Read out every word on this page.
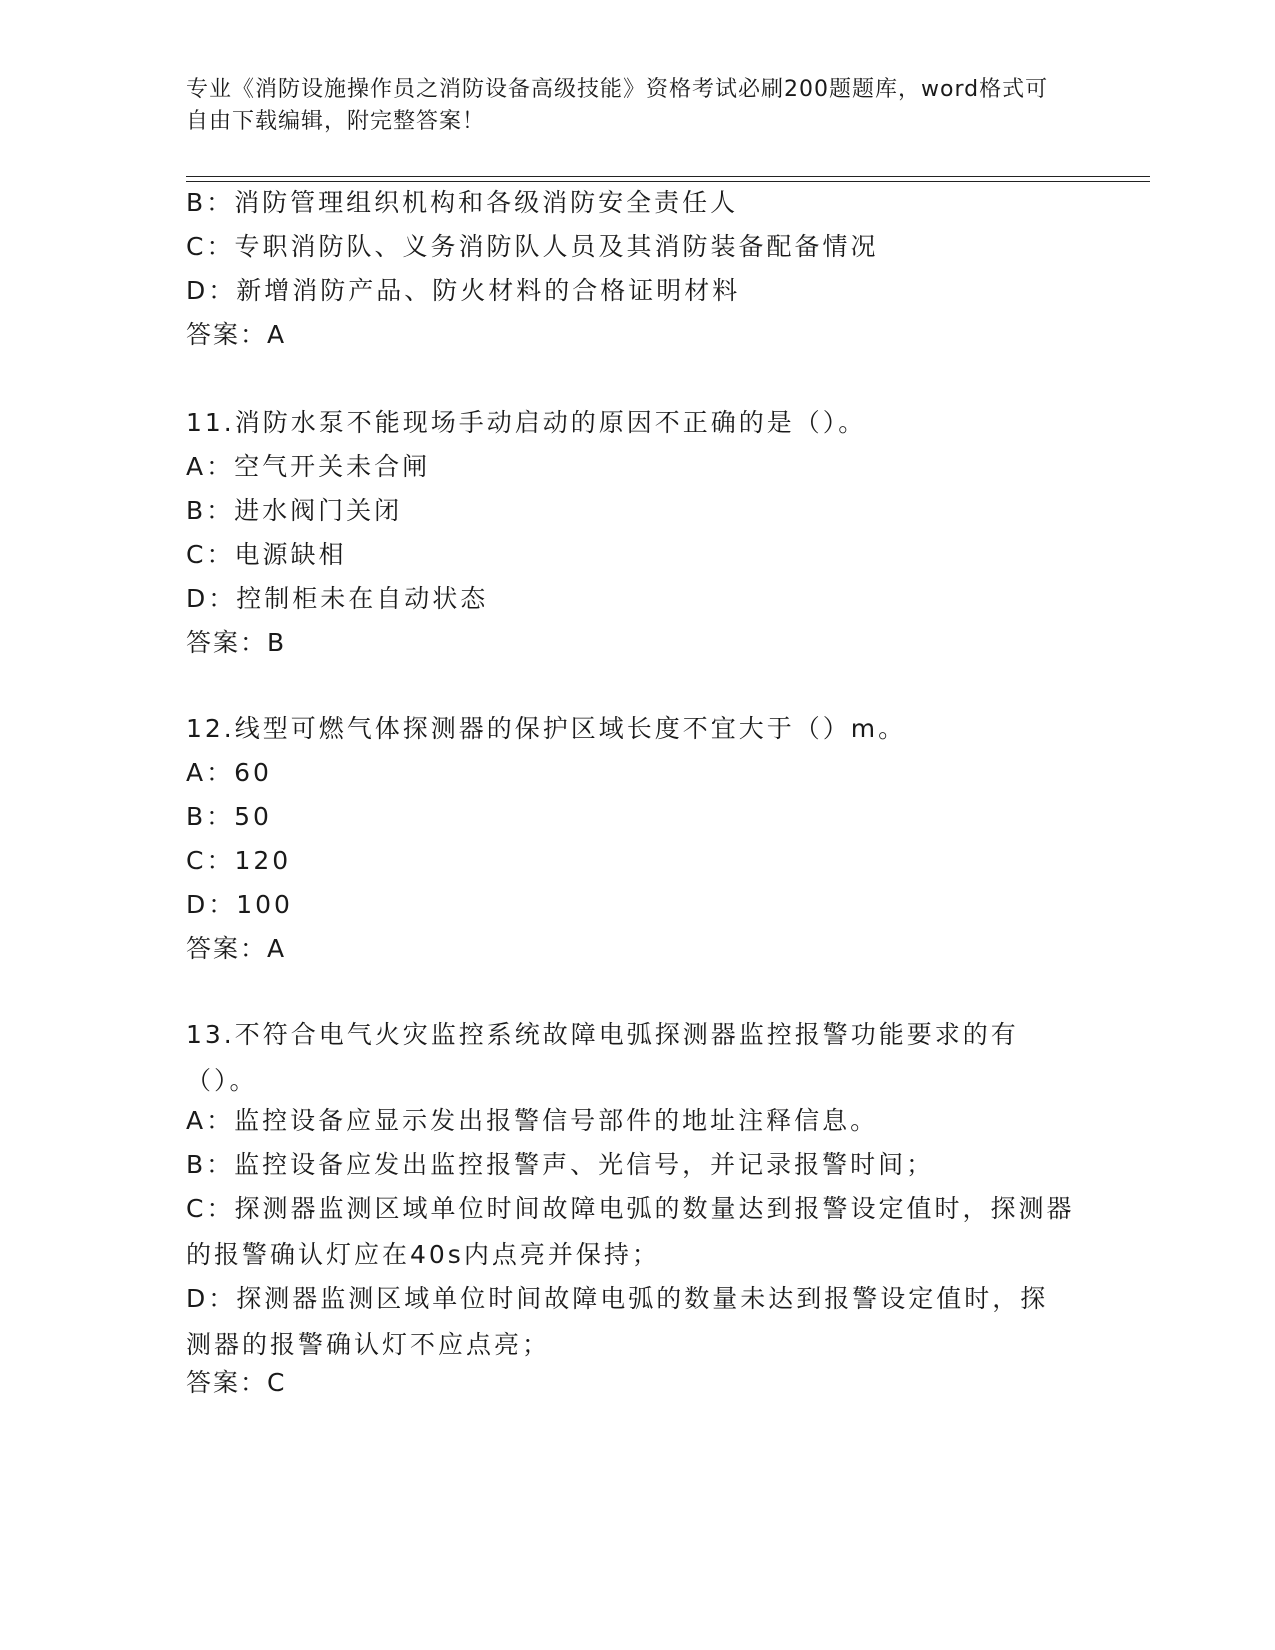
专业《消防设施操作员之消防设备高级技能》资格考试必刷200题题库，word格式可自由下载编辑，附完整答案！

B：消防管理组织机构和各级消防安全责任人

C：专职消防队、义务消防队人员及其消防装备配备情况

D：新增消防产品、防火材料的合格证明材料

答案：A

11.消防水泵不能现场手动启动的原因不正确的是（）。

A：空气开关未合闸

B：进水阀门关闭

C：电源缺相

D：控制柜未在自动状态

答案：B

12.线型可燃气体探测器的保护区域长度不宜大于（）m。

A：60

B：50

C：120

D：100

答案：A

13.不符合电气火灾监控系统故障电弧探测器监控报警功能要求的有（）。

A：监控设备应显示发出报警信号部件的地址注释信息。

B：监控设备应发出监控报警声、光信号，并记录报警时间；

C：探测器监测区域单位时间故障电弧的数量达到报警设定值时，探测器的报警确认灯应在40s内点亮并保持；

D：探测器监测区域单位时间故障电弧的数量未达到报警设定值时，探测器的报警确认灯不应点亮；

答案：C
